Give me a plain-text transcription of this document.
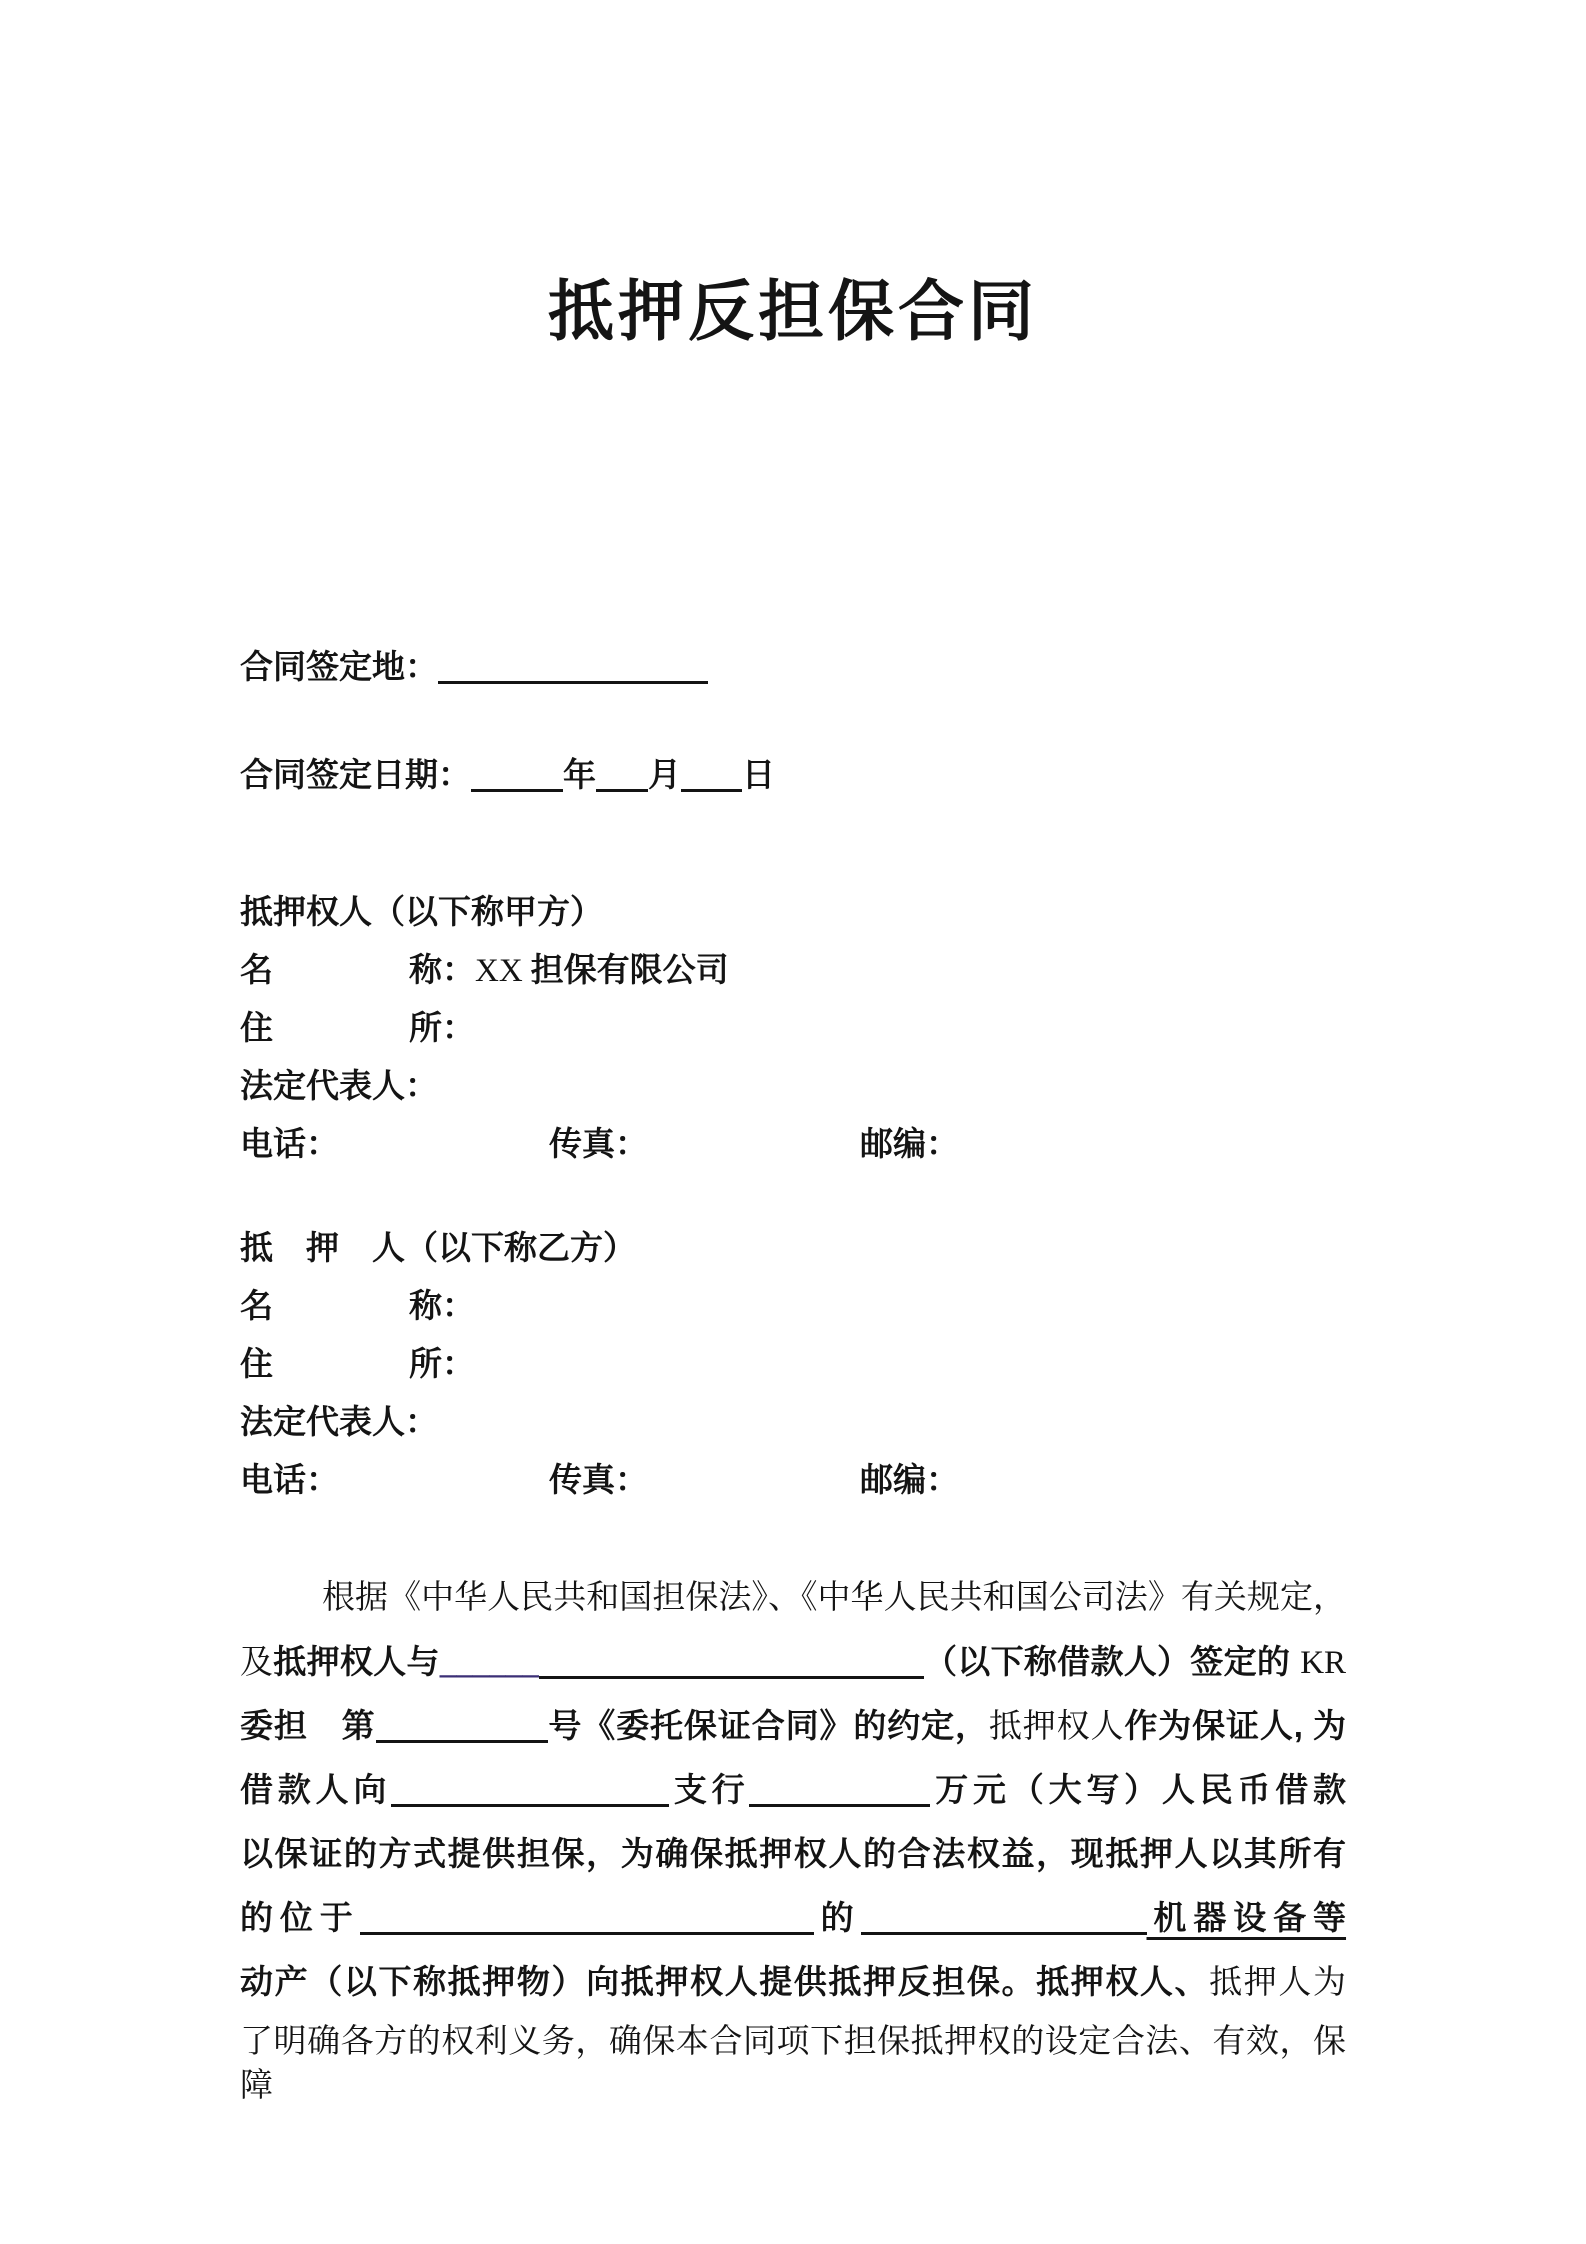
抵押反担保合同
合同签定地：
合同签定日期：	年 月 日
抵押权人（以下称甲方）
名	称：XX 担保有限公司
住	所：
法定代表人：
电话：	传真：	邮编：
抵　押　人（以下称乙方）
名	称：
住	所：
法定代表人：
电话：	传真：	邮编：
根据《中华人民共和国担保法》、《中华人民共和国公司法》有关规定，
及抵押权人与______	（以下称借款人）签定的 KR
委担　第	号《委托保证合同》的约定，抵押权人作为保证人, 为
借款人向	支行	万元（大写）人民币借款
以保证的方式提供担保，为确保抵押权人的合法权益，现抵押人以其所有
的位于	的	机器设备等
动产（以下称抵押物）向抵押权人提供抵押反担保。抵押权人、抵押人为
了明确各方的权利义务，确保本合同项下担保抵押权的设定合法、有效，保障
